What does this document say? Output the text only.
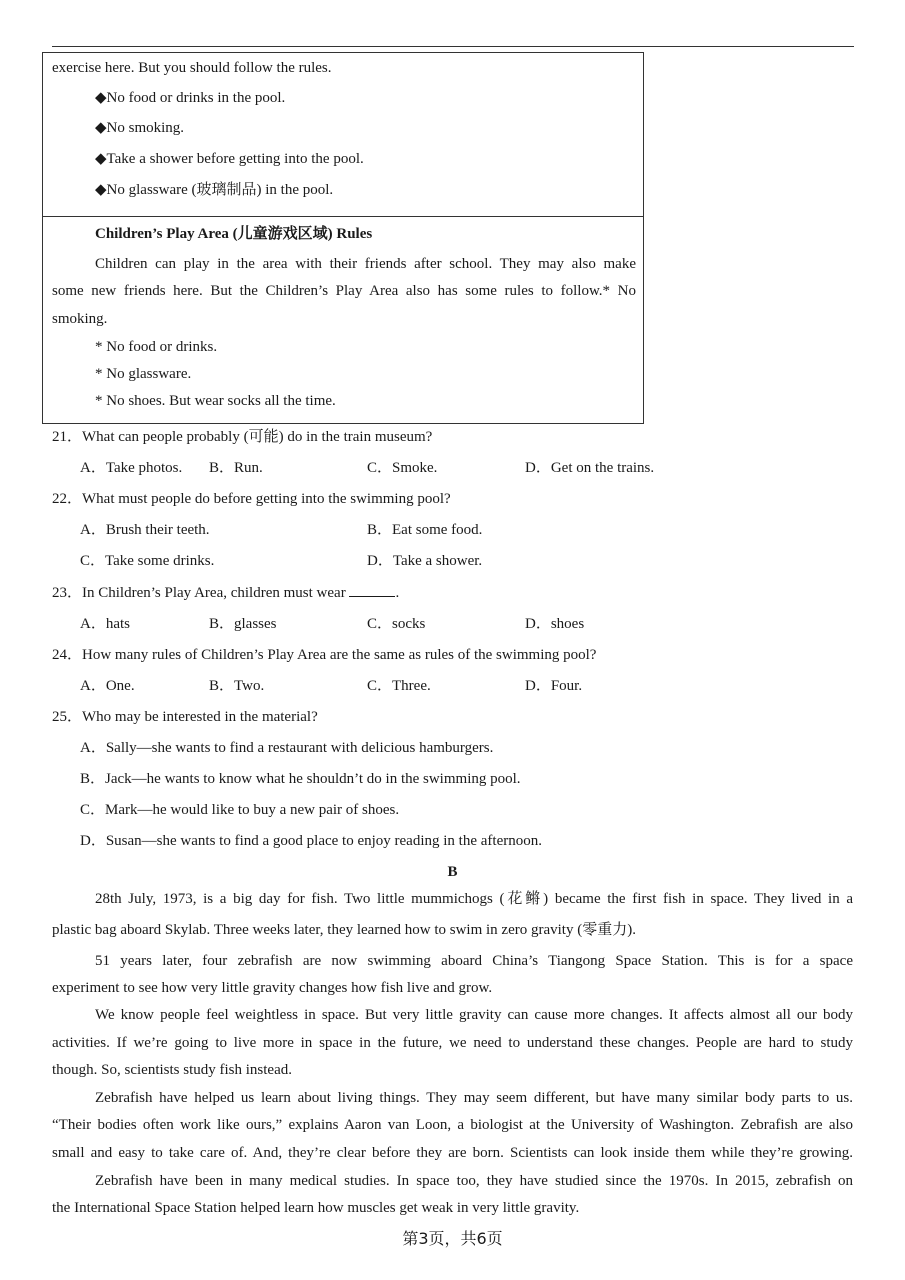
exercise here. But you should follow the rules.
◆No food or drinks in the pool.
◆No smoking.
◆Take a shower before getting into the pool.
◆No glassware (玻璃制品) in the pool.
Children’s Play Area (儿童游戏区域) Rules
Children can play in the area with their friends after school. They may also make
some new friends here. But the Children’s Play Area also has some rules to follow.* No
smoking.
* No food or drinks.
* No glassware.
* No shoes. But wear socks all the time.
21．What can people probably (可能) do in the train museum?
A．Take photos. B．Run.	C．Smoke.	D．Get on the trains.
22．What must people do before getting into the swimming pool?
A．Brush their teeth.	B．Eat some food.
C．Take some drinks.	D．Take a shower.
23．In Children’s Play Area, children must wear	.
A．hats	B．glasses	C．socks	D．shoes
24．How many rules of Children’s Play Area are the same as rules of the swimming pool?
A．One.	B．Two.	C．Three.	D．Four.
25．Who may be interested in the material?
A．Sally—she wants to find a restaurant with delicious hamburgers.
B．Jack—he wants to know what he shouldn’t do in the swimming pool.
C．Mark—he would like to buy a new pair of shoes.
D．Susan—she wants to find a good place to enjoy reading in the afternoon.
B
28th July, 1973, is a big day for fish. Two little mummichogs (花鳉) became the first fish in space. They lived in a
plastic bag aboard Skylab. Three weeks later, they learned how to swim in zero gravity (零重力).
51 years later, four zebrafish are now swimming aboard China’s Tiangong Space Station. This is for a space
experiment to see how very little gravity changes how fish live and grow.
We know people feel weightless in space. But very little gravity can cause more changes. It affects almost all our body
activities. If we’re going to live more in space in the future, we need to understand these changes. People are hard to study
though. So, scientists study fish instead.
Zebrafish have helped us learn about living things. They may seem different, but have many similar body parts to us.
“Their bodies often work like ours,” explains Aaron van Loon, a biologist at the University of Washington. Zebrafish are also
small and easy to take care of. And, they’re clear before they are born. Scientists can look inside them while they’re growing.
Zebrafish have been in many medical studies. In space too, they have studied since the 1970s. In 2015, zebrafish on
the International Space Station helped learn how muscles get weak in very little gravity.
第3页，共6页
